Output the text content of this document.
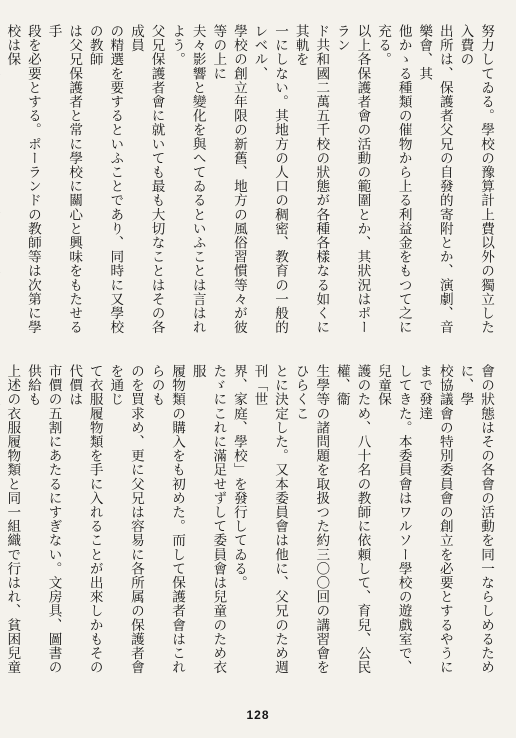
努力してゐる。學校の豫算計上費以外の獨立した入費の
出所は、保護者父兄の自發的寄附とか、演劇、音樂會、其
他かゝる種類の催物から上る利益金をもつて之に充る。
以上各保護者會の活動の範圍とか、其狀況はポーラン
ド共和國二萬五千校の狀態が各種各樣なる如くに其軌を
一にしない。其地方の人口の稠密、教育の一般的レベル、
學校の創立年限の新舊、地方の風俗習慣等々が彼等の上に
夫々影響と變化を與へてゐるといふことは言はれよう。
父兄保護者會に就いても最も大切なことはその各成員
の精選を要するといふことであり、同時に又學校の教師
は父兄保護者と常に學校に關心と興味をもたせる手
段を必要とする。ポーランドの教師等は次第に學校は保
會の狀態はその各會の活動を同一ならしめるために、學
校協議會の特別委員會の創立を必要とするやうにまで發達
してきた。本委員會はワルソー學校の遊戲室で、兒童保
護のため、八十名の教師に依頼して、育兒、公民權、衞
生學等の諸問題を取扱つた約三〇〇回の講習會をひらくこ
とに決定した。又本委員會は他に、父兄のため週刊「世
界、家庭、學校」を發行してゐる。
たゞにこれに滿足せずして委員會は兒童のため衣服
履物類の購入をも初めた。而して保護者會はこれらのも
のを買求め、更に父兄は容易に各所属の保護者會を通じ
て衣服履物類を手に入れることが出來しかもその代價は
市價の五割にあたるにすぎない。文房具、圖書の供給も
上述の衣服履物類と同一組織で行はれ、貧困兒童
128
